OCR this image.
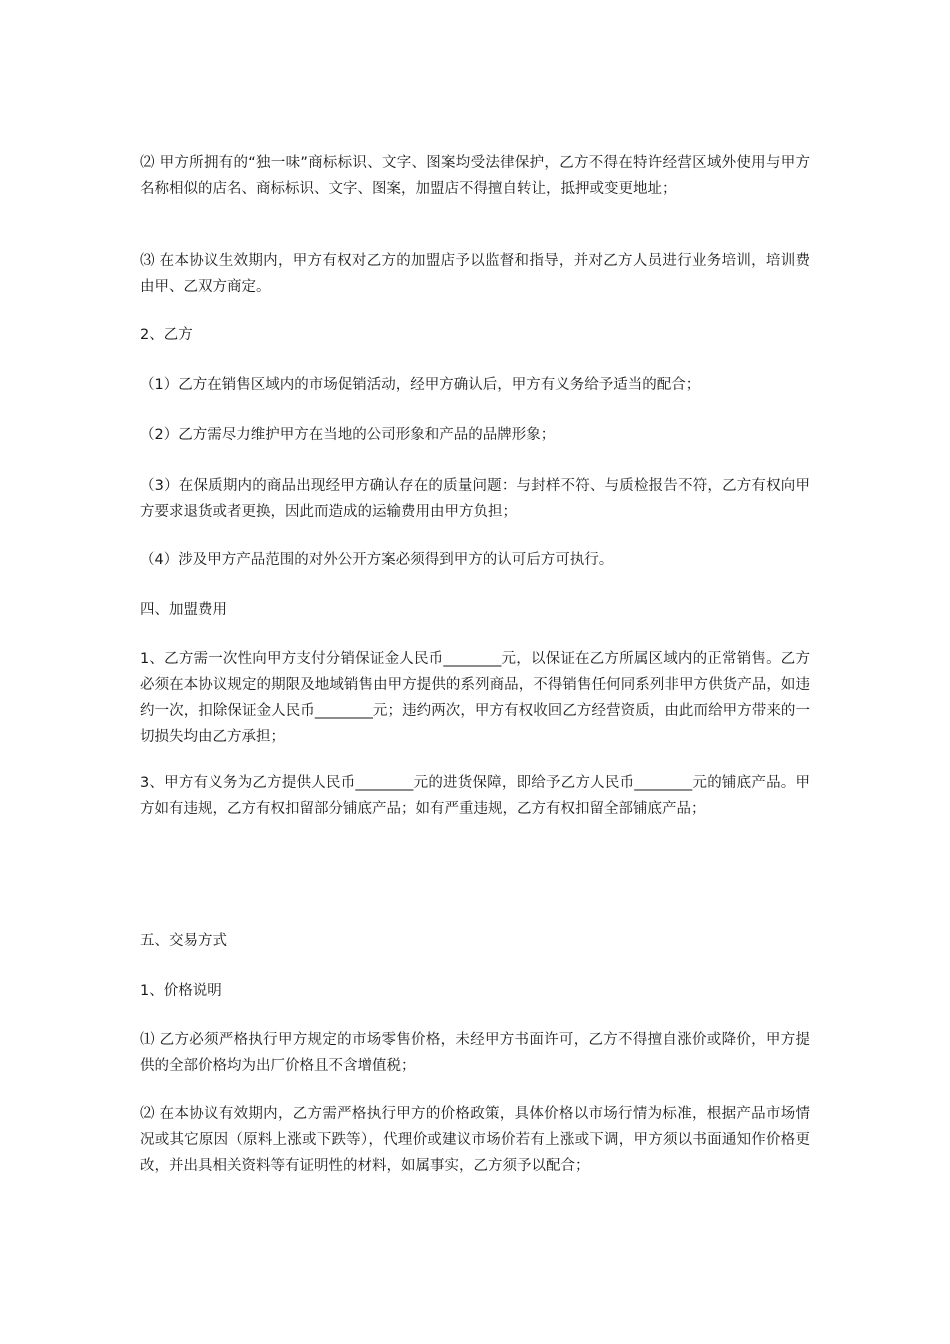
⑵ 甲方所拥有的“独一味”商标标识、文字、图案均受法律保护，乙方不得在特许经营区域外使用与甲方名称相似的店名、商标标识、文字、图案，加盟店不得擅自转让，抵押或变更地址；

⑶ 在本协议生效期内，甲方有权对乙方的加盟店予以监督和指导，并对乙方人员进行业务培训，培训费由甲、乙双方商定。

2、乙方

（1）乙方在销售区域内的市场促销活动，经甲方确认后，甲方有义务给予适当的配合；

（2）乙方需尽力维护甲方在当地的公司形象和产品的品牌形象；

（3）在保质期内的商品出现经甲方确认存在的质量问题：与封样不符、与质检报告不符，乙方有权向甲方要求退货或者更换，因此而造成的运输费用由甲方负担；

（4）涉及甲方产品范围的对外公开方案必须得到甲方的认可后方可执行。

四、加盟费用

1、乙方需一次性向甲方支付分销保证金人民币________元，以保证在乙方所属区域内的正常销售。乙方必须在本协议规定的期限及地域销售由甲方提供的系列商品，不得销售任何同系列非甲方供货产品，如违约一次，扣除保证金人民币________元；违约两次，甲方有权收回乙方经营资质，由此而给甲方带来的一切损失均由乙方承担；

3、甲方有义务为乙方提供人民币________元的进货保障，即给予乙方人民币________元的铺底产品。甲方如有违规，乙方有权扣留部分铺底产品；如有严重违规，乙方有权扣留全部铺底产品；

五、交易方式

1、价格说明

⑴ 乙方必须严格执行甲方规定的市场零售价格，未经甲方书面许可，乙方不得擅自涨价或降价，甲方提供的全部价格均为出厂价格且不含增值税；

⑵ 在本协议有效期内，乙方需严格执行甲方的价格政策，具体价格以市场行情为标准，根据产品市场情况或其它原因（原料上涨或下跌等），代理价或建议市场价若有上涨或下调，甲方须以书面通知作价格更改，并出具相关资料等有证明性的材料，如属事实，乙方须予以配合；
